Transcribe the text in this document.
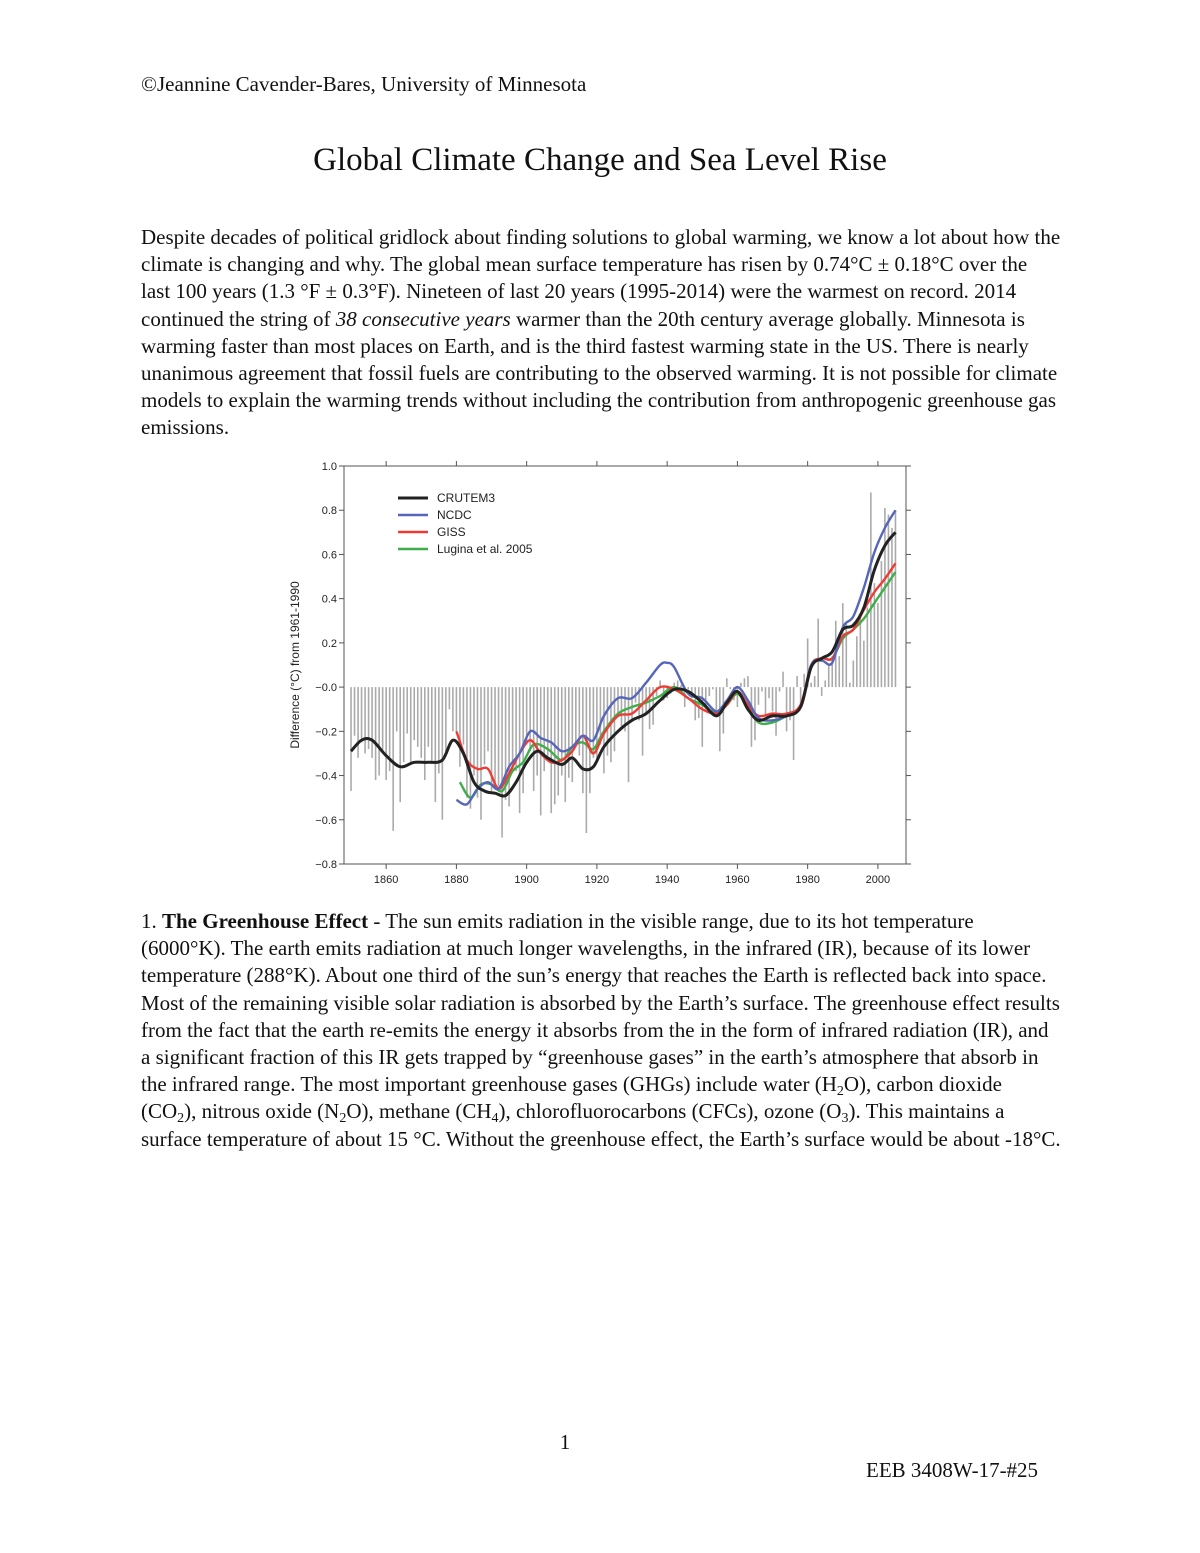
©Jeannine Cavender-Bares, University of Minnesota
Global Climate Change and Sea Level Rise

Despite decades of political gridlock about finding solutions to global warming, we know a lot about how the climate is changing and why. The global mean surface temperature has risen by 0.74°C ± 0.18°C over the last 100 years (1.3 °F ± 0.3°F). Nineteen of last 20 years (1995-2014) were the warmest on record. 2014 continued the string of 38 consecutive years warmer than the 20th century average globally. Minnesota is warming faster than most places on Earth, and is the third fastest warming state in the US. There is nearly unanimous agreement that fossil fuels are contributing to the observed warming. It is not possible for climate models to explain the warming trends without including the contribution from anthropogenic greenhouse gas emissions.

1.0
0.8
0.6
0.4
0.2
−0.0
−0.2
−0.4
−0.6
−0.8
1860	1880	1900	1920	1940	1960	1980	2000
CRUTEM3
NCDC
GISS
Lugina et al. 2005
Difference (°C) from 1961-1990

1. The Greenhouse Effect - The sun emits radiation in the visible range, due to its hot temperature (6000°K). The earth emits radiation at much longer wavelengths, in the infrared (IR), because of its lower temperature (288°K). About one third of the sun’s energy that reaches the Earth is reflected back into space. Most of the remaining visible solar radiation is absorbed by the Earth’s surface. The greenhouse effect results from the fact that the earth re-emits the energy it absorbs from the in the form of infrared radiation (IR), and a significant fraction of this IR gets trapped by “greenhouse gases” in the earth’s atmosphere that absorb in the infrared range. The most important greenhouse gases (GHGs) include water $(H_2O)$, carbon dioxide $(CO_2)$, nitrous oxide $(N_2O)$, methane $(CH_4)$, chlorofluorocarbons (CFCs), ozone $(O_3)$. This maintains a surface temperature of about 15 °C. Without the greenhouse effect, the Earth’s surface would be about -18°C.

1
EEB 3408W-17-#25
